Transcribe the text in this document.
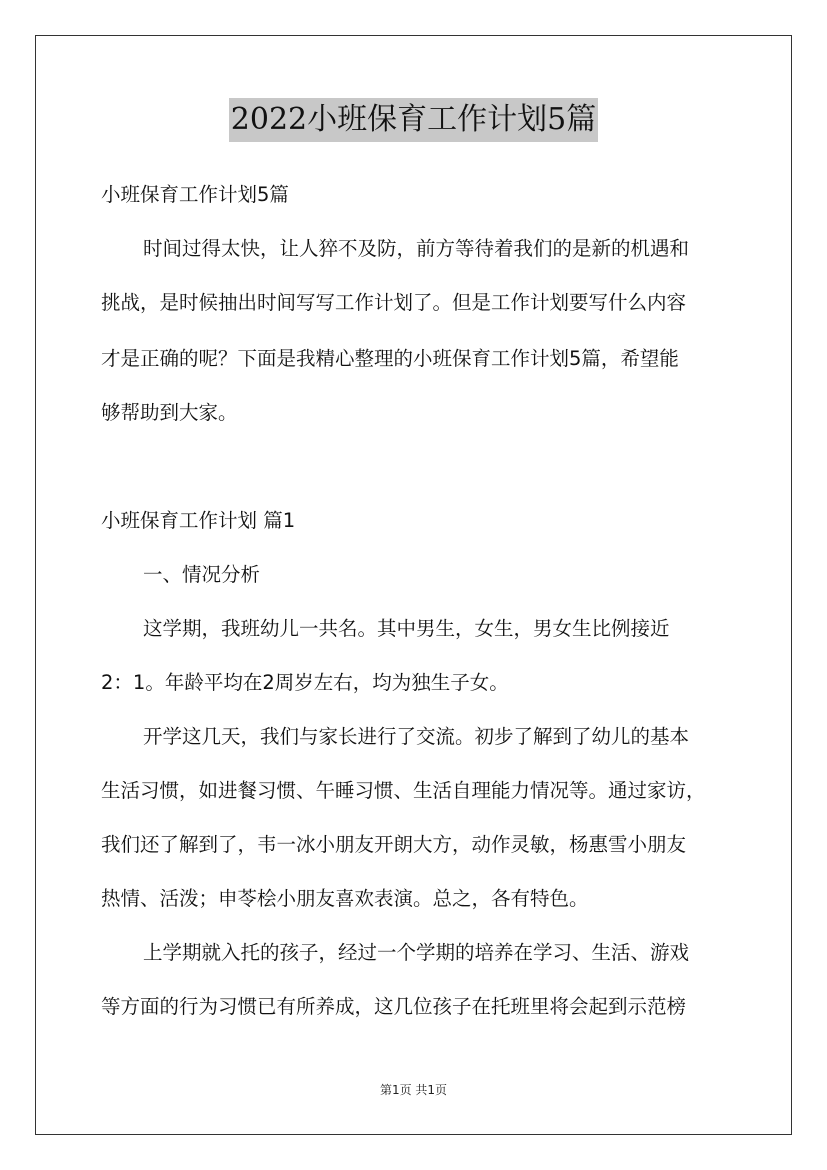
2022小班保育工作计划5篇
小班保育工作计划5篇
时间过得太快，让人猝不及防，前方等待着我们的是新的机遇和
挑战，是时候抽出时间写写工作计划了。但是工作计划要写什么内容
才是正确的呢？下面是我精心整理的小班保育工作计划5篇，希望能
够帮助到大家。
小班保育工作计划 篇1
一、情况分析
这学期，我班幼儿一共名。其中男生，女生，男女生比例接近
2：1。年龄平均在2周岁左右，均为独生子女。
开学这几天，我们与家长进行了交流。初步了解到了幼儿的基本
生活习惯，如进餐习惯、午睡习惯、生活自理能力情况等。通过家访，
我们还了解到了，韦一冰小朋友开朗大方，动作灵敏，杨惠雪小朋友
热情、活泼；申苓桧小朋友喜欢表演。总之，各有特色。
上学期就入托的孩子，经过一个学期的培养在学习、生活、游戏
等方面的行为习惯已有所养成，这几位孩子在托班里将会起到示范榜
第1页 共1页
